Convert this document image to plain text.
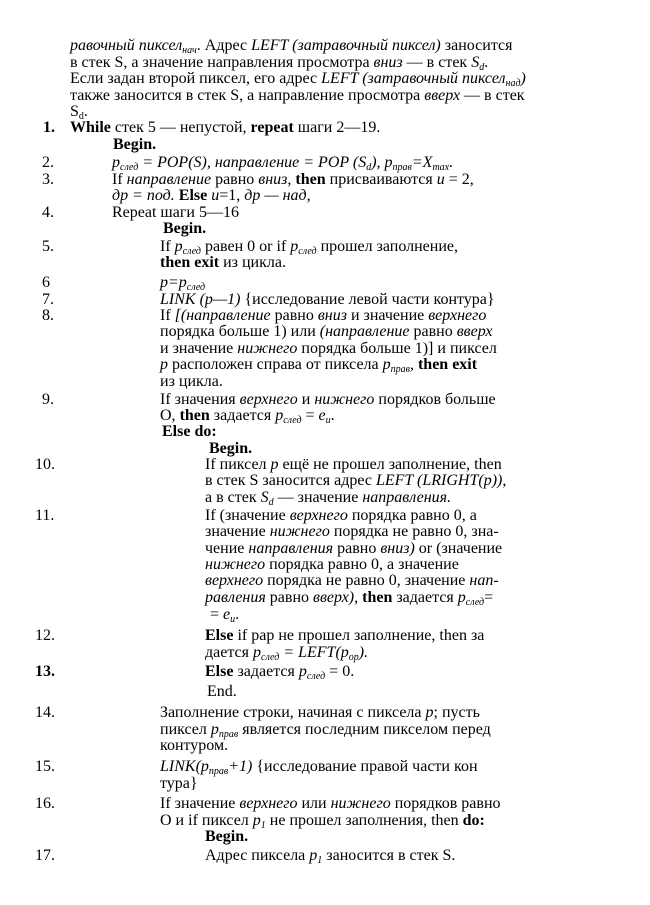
1.
2.
3.
4.
5.
6
7.
8.
9.
10.
11.
12.
13.
14.
15.
16.
17.
равочный пиксел$_{нач}$. Адрес LEFT (затравочный пиксел) заносится
в стек S, а значение направления просмотра вниз — в стек $S_d$.
Если задан второй пиксел, его адрес LEFT (затравочный пиксел$_{над}$)
также заносится в стек S, а направление просмотра вверх — в стек
$S_d$.
While стек 5 — непустой, repeat шаги 2—19.
Begin.
$p_{след} = POP(S)$, направление = POP $(S_d)$, $p_{прав}=X_{max}$.
If направление равно вниз, then присваиваются u = 2,
др = под. Else u=1, др — над,
Repeat шаги 5—16
Begin.
If $p_{след}$ равен 0 or if $p_{след}$ прошел заполнение,
then exit из цикла.
$p=p_{след}$
LINK (p—1) {исследование левой части контура}
If [(направление равно вниз и значение верхнего
порядка больше 1) или (направление равно вверх
и значение нижнего порядка больше 1)] и пиксел
р расположен справа от пиксела $p_{прав}$, then exit
из цикла.
If значения верхнего и нижнего порядков больше
O, then задается $p_{след} = e_u$.
Else do:
Begin.
If пиксел р ещё не прошел заполнение, then
в стек S заносится адрес LEFT (LRIGHT(p)),
а в стек $S_d$ — значение направления.
If (значение верхнего порядка равно 0, а
значение нижнего порядка не равно 0, зна-
чение направления равно вниз) or (значение
нижнего порядка равно 0, а значение
верхнего порядка не равно 0, значение нап-
равления равно вверх), then задается $p_{след}=$
= $e_u$.
Else if pap не прошел заполнение, then за
дается $p_{след}$ = $LEFT(p_{ор})$.
Else задается $p_{след} = 0$.
End.
Заполнение строки, начиная с пиксела p; пусть
пиксел $p_{прав}$ является последним пикселом перед
контуром.
$LINK(p_{прав}+1)$ {исследование правой части кон
тура}
If значение верхнего или нижнего порядков равно
O и if пиксел $p_1$ не прошел заполнения, then do:
Begin.
Адрес пиксела $p_1$ заносится в стек S.
